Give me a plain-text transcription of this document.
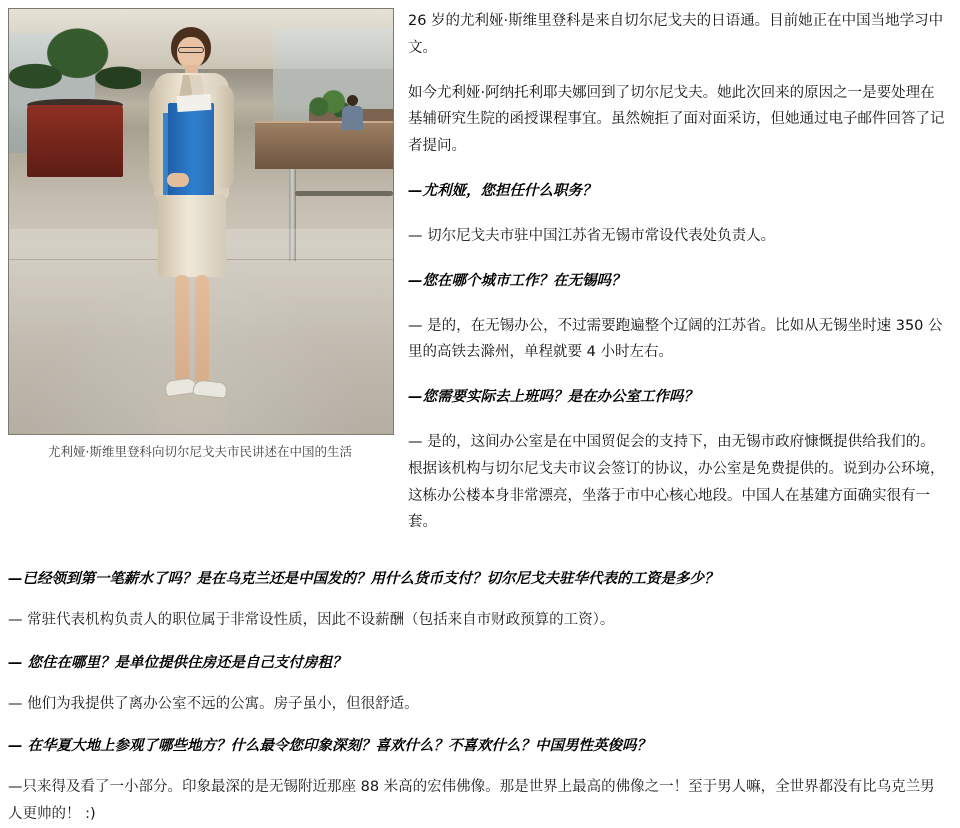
尤利娅·斯维里登科向切尔尼戈夫市民讲述在中国的生活

26 岁的尤利娅·斯维里登科是来自切尔尼戈夫的日语通。目前她正在中国当地学习中文。

如今尤利娅·阿纳托利耶夫娜回到了切尔尼戈夫。她此次回来的原因之一是要处理在基辅研究生院的函授课程事宜。虽然婉拒了面对面采访，但她通过电子邮件回答了记者提问。

—尤利娅，您担任什么职务？

— 切尔尼戈夫市驻中国江苏省无锡市常设代表处负责人。

—您在哪个城市工作？在无锡吗？

— 是的，在无锡办公，不过需要跑遍整个辽阔的江苏省。比如从无锡坐时速 350 公里的高铁去滁州，单程就要 4 小时左右。

—您需要实际去上班吗？是在办公室工作吗？

— 是的，这间办公室是在中国贸促会的支持下，由无锡市政府慷慨提供给我们的。根据该机构与切尔尼戈夫市议会签订的协议，办公室是免费提供的。说到办公环境，这栋办公楼本身非常漂亮，坐落于市中心核心地段。中国人在基建方面确实很有一套。

—已经领到第一笔薪水了吗？是在乌克兰还是中国发的？用什么货币支付？切尔尼戈夫驻华代表的工资是多少？

— 常驻代表机构负责人的职位属于非常设性质，因此不设薪酬（包括来自市财政预算的工资）。

— 您住在哪里？是单位提供住房还是自己支付房租？

— 他们为我提供了离办公室不远的公寓。房子虽小，但很舒适。

— 在华夏大地上参观了哪些地方？什么最令您印象深刻？喜欢什么？不喜欢什么？中国男性英俊吗？

—只来得及看了一小部分。印象最深的是无锡附近那座 88 米高的宏伟佛像。那是世界上最高的佛像之一！至于男人嘛，全世界都没有比乌克兰男人更帅的！ :)
